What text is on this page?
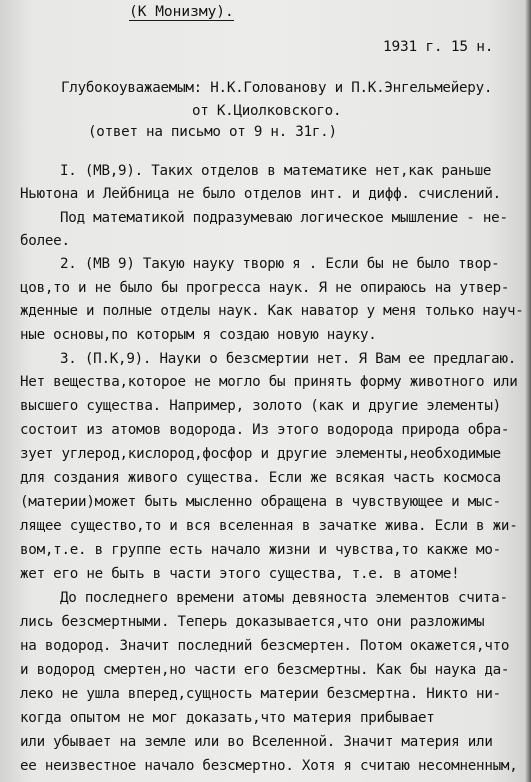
(К Монизму).
1931 г. 15 н.
Глубокоуважаемым: Н.К.Голованову и П.К.Энгельмейеру.
от К.Циолковского.
(ответ на письмо от 9 н. 31г.)
I. (МВ,9). Таких отделов в математике нет,как раньше
Ньютона и Лейбница не было отделов инт. и дифф. счислений.
Под математикой подразумеваю логическое мышление - не-
более.
2. (МВ 9) Такую науку творю я . Если бы не было твор-
цов,то и не было бы прогресса наук. Я не опираюсь на утвер-
жденные и полные отделы наук. Как наватор у меня только науч-
ные основы,по которым я создаю новую науку.
3. (П.К,9). Науки о безсмертии нет. Я Вам ее предлагаю.
Нет вещества,которое не могло бы принять форму животного или
высшего существа. Например, золото (как и другие элементы)
состоит из атомов водорода. Из этого водорода природа обра-
зует углерод,кислород,фосфор и другие элементы,необходимые
для создания живого существа. Если же всякая часть космоса
(материи)может быть мысленно обращена в чувствующее и мыс-
лящее существо,то и вся вселенная в зачатке жива. Если в жи-
вом,т.е. в группе есть начало жизни и чувства,то какже мо-
жет его не быть в части этого существа, т.е. в атоме!
До последнего времени атомы девяноста элементов счита-
лись безсмертными. Теперь доказывается,что они разложимы
на водород. Значит последний безсмертен. Потом окажется,что
и водород смертен,но части его безсмертны. Как бы наука да-
леко не ушла вперед,сущность материи безсмертна. Никто ни-
когда опытом не мог доказать,что материя прибывает
или убывает на земле или во Вселенной. Значит материя или
ее неизвестное начало безсмертно. Хотя я считаю несомненным,
